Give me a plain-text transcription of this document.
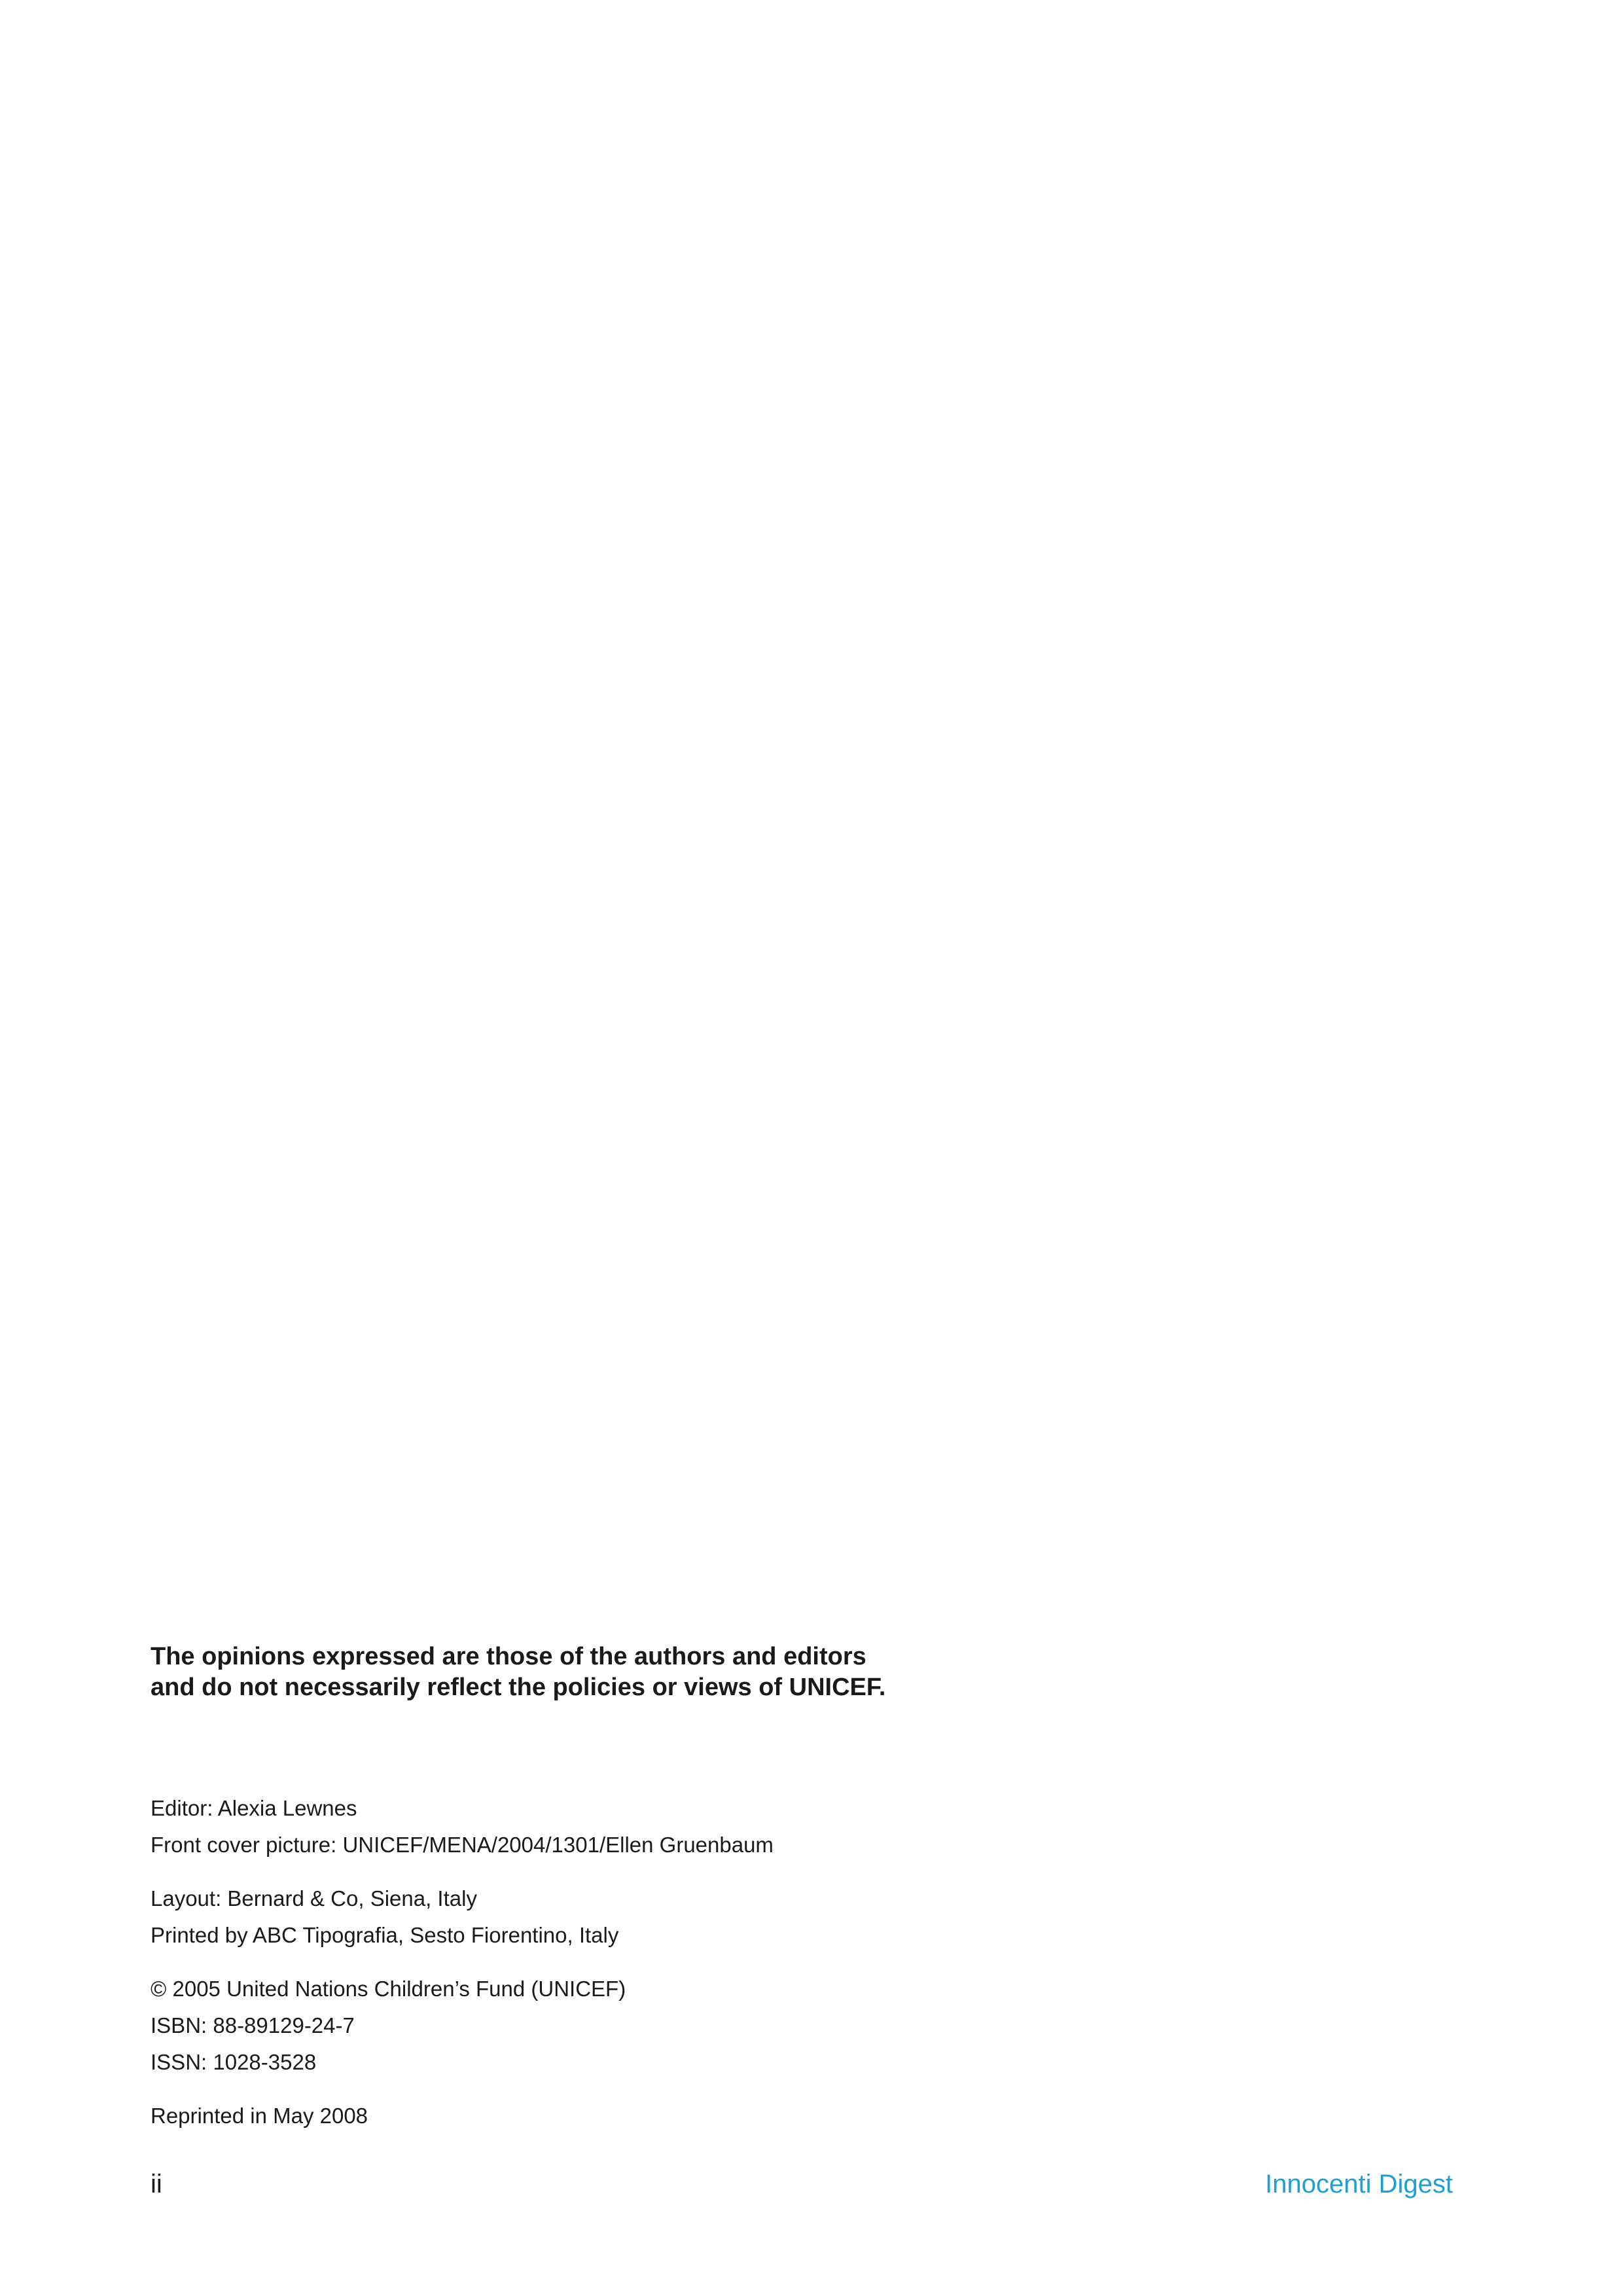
The opinions expressed are those of the authors and editors
and do not necessarily reflect the policies or views of UNICEF.
Editor: Alexia Lewnes
Front cover picture: UNICEF/MENA/2004/1301/Ellen Gruenbaum
Layout: Bernard & Co, Siena, Italy
Printed by ABC Tipografia, Sesto Fiorentino, Italy
© 2005 United Nations Children’s Fund (UNICEF)
ISBN: 88-89129-24-7
ISSN: 1028-3528
Reprinted in May 2008
ii	Innocenti Digest
